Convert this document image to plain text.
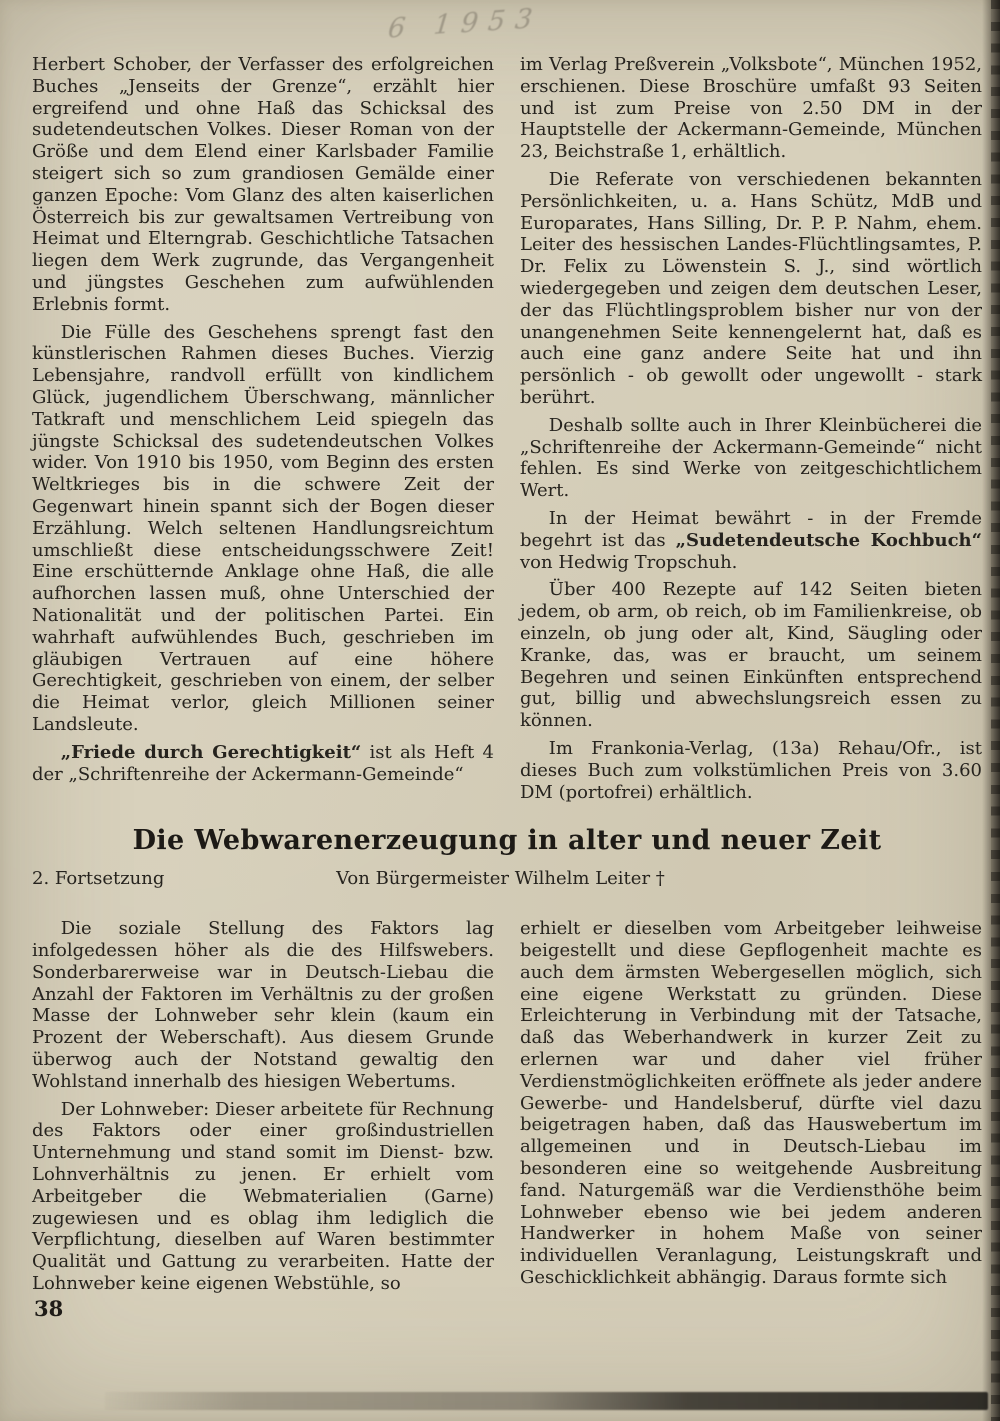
6 1953

Herbert Schober, der Verfasser des erfolgreichen Buches „Jenseits der Grenze“, erzählt hier ergreifend und ohne Haß das Schicksal des sudetendeutschen Volkes. Dieser Roman von der Größe und dem Elend einer Karlsbader Familie steigert sich so zum grandiosen Gemälde einer ganzen Epoche: Vom Glanz des alten kaiserlichen Österreich bis zur gewaltsamen Vertreibung von Heimat und Elterngrab. Geschichtliche Tatsachen liegen dem Werk zugrunde, das Vergangenheit und jüngstes Geschehen zum aufwühlenden Erlebnis formt.

Die Fülle des Geschehens sprengt fast den künstlerischen Rahmen dieses Buches. Vierzig Lebensjahre, randvoll erfüllt von kindlichem Glück, jugendlichem Überschwang, männlicher Tatkraft und menschlichem Leid spiegeln das jüngste Schicksal des sudetendeutschen Volkes wider. Von 1910 bis 1950, vom Beginn des ersten Weltkrieges bis in die schwere Zeit der Gegenwart hinein spannt sich der Bogen dieser Erzählung. Welch seltenen Handlungsreichtum umschließt diese entscheidungsschwere Zeit! Eine erschütternde Anklage ohne Haß, die alle aufhorchen lassen muß, ohne Unterschied der Nationalität und der politischen Partei. Ein wahrhaft aufwühlendes Buch, geschrieben im gläubigen Vertrauen auf eine höhere Gerechtigkeit, geschrieben von einem, der selber die Heimat verlor, gleich Millionen seiner Landsleute.

„Friede durch Gerechtigkeit“ ist als Heft 4 der „Schriftenreihe der Ackermann-Gemeinde“

im Verlag Preßverein „Volksbote“, München 1952, erschienen. Diese Broschüre umfaßt 93 Seiten und ist zum Preise von 2.50 DM in der Hauptstelle der Ackermann-Gemeinde, München 23, Beichstraße 1, erhältlich.

Die Referate von verschiedenen bekannten Persönlichkeiten, u. a. Hans Schütz, MdB und Europarates, Hans Silling, Dr. P. P. Nahm, ehem. Leiter des hessischen Landes-Flüchtlingsamtes, P. Dr. Felix zu Löwenstein S. J., sind wörtlich wiedergegeben und zeigen dem deutschen Leser, der das Flüchtlingsproblem bisher nur von der unangenehmen Seite kennengelernt hat, daß es auch eine ganz andere Seite hat und ihn persönlich - ob gewollt oder ungewollt - stark berührt.

Deshalb sollte auch in Ihrer Kleinbücherei die „Schriftenreihe der Ackermann-Gemeinde“ nicht fehlen. Es sind Werke von zeitgeschichtlichem Wert.

In der Heimat bewährt - in der Fremde begehrt ist das „Sudetendeutsche Kochbuch“ von Hedwig Tropschuh.

Über 400 Rezepte auf 142 Seiten bieten jedem, ob arm, ob reich, ob im Familienkreise, ob einzeln, ob jung oder alt, Kind, Säugling oder Kranke, das, was er braucht, um seinem Begehren und seinen Einkünften entsprechend gut, billig und abwechslungsreich essen zu können.

Im Frankonia-Verlag, (13a) Rehau/Ofr., ist dieses Buch zum volkstümlichen Preis von 3.60 DM (portofrei) erhältlich.

Die Webwarenerzeugung in alter und neuer Zeit
2. Fortsetzung	Von Bürgermeister Wilhelm Leiter †

Die soziale Stellung des Faktors lag infolgedessen höher als die des Hilfswebers. Sonderbarerweise war in Deutsch-Liebau die Anzahl der Faktoren im Verhältnis zu der großen Masse der Lohnweber sehr klein (kaum ein Prozent der Weberschaft). Aus diesem Grunde überwog auch der Notstand gewaltig den Wohlstand innerhalb des hiesigen Webertums.

Der Lohnweber: Dieser arbeitete für Rechnung des Faktors oder einer großindustriellen Unternehmung und stand somit im Dienst- bzw. Lohnverhältnis zu jenen. Er erhielt vom Arbeitgeber die Webmaterialien (Garne) zugewiesen und es oblag ihm lediglich die Verpflichtung, dieselben auf Waren bestimmter Qualität und Gattung zu verarbeiten. Hatte der Lohnweber keine eigenen Webstühle, so

erhielt er dieselben vom Arbeitgeber leihweise beigestellt und diese Gepflogenheit machte es auch dem ärmsten Webergesellen möglich, sich eine eigene Werkstatt zu gründen. Diese Erleichterung in Verbindung mit der Tatsache, daß das Weberhandwerk in kurzer Zeit zu erlernen war und daher viel früher Verdienstmöglichkeiten eröffnete als jeder andere Gewerbe- und Handelsberuf, dürfte viel dazu beigetragen haben, daß das Hauswebertum im allgemeinen und in Deutsch-Liebau im besonderen eine so weitgehende Ausbreitung fand. Naturgemäß war die Verdiensthöhe beim Lohnweber ebenso wie bei jedem anderen Handwerker in hohem Maße von seiner individuellen Veranlagung, Leistungskraft und Geschicklichkeit abhängig. Daraus formte sich

38
